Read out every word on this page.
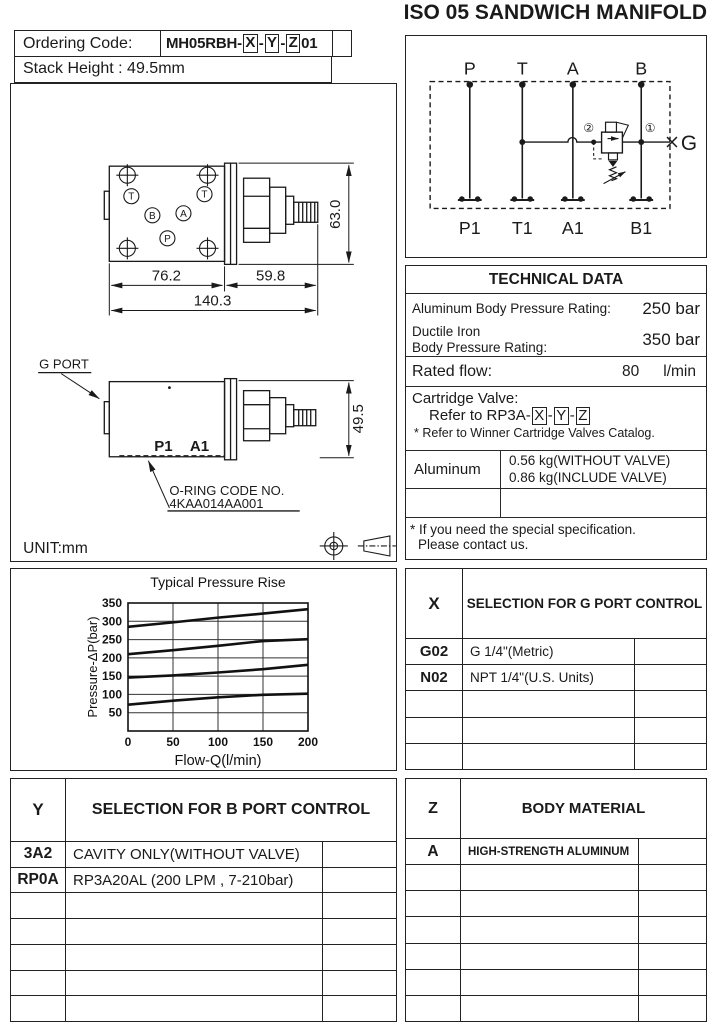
ISO 05 SANDWICH MANIFOLD
Ordering Code:	MH05RBH- X - Y - Z 01
Stack Height : 49.5mm
T	T
B A
P
76.2	59.8
140.3
63.0
G PORT
P1 A1
O-RING CODE NO.
4KAA014AA001
49.5
UNIT:mm
P T A	B
P1 T1 A1	B1
②	①
G
TECHNICAL DATA
Aluminum Body Pressure Rating:	250 bar
Ductile Iron
Body Pressure Rating:	350 bar
Rated flow:	80 l/min
Cartridge Valve:
Refer to RP3A- X - Y - Z
* Refer to Winner Cartridge Valves Catalog.
Aluminum
0.56 kg(WITHOUT VALVE)
0.86 kg(INCLUDE VALVE)
* If you need the special specification.
Please contact us.
0	50 100 150 200
50
100
150
200
250
300
350
Typical Pressure Rise
Flow-Q(l/min)
Pressure-ΔP(bar)
X	SELECTION FOR G PORT CONTROL
G02	G 1/4"(Metric)
N02	NPT 1/4"(U.S. Units)
Y	SELECTION FOR B PORT CONTROL
3A2	CAVITY ONLY(WITHOUT VALVE)
RP0A RP3A20AL (200 LPM , 7-210bar)
Z	BODY MATERIAL
A	HIGH-STRENGTH ALUMINUM
